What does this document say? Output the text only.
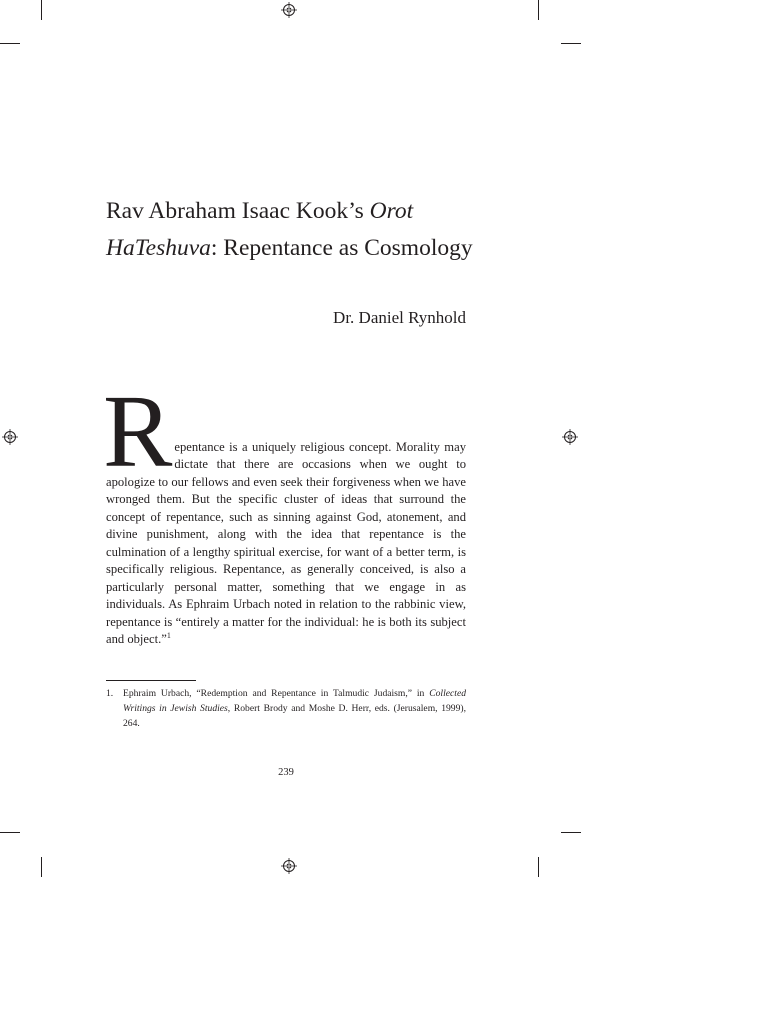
Rav Abraham Isaac Kook’s Orot HaTeshuva: Repentance as Cosmology

Dr. Daniel Rynhold

Repentance is a uniquely religious concept. Morality may dictate that there are occasions when we ought to apologize to our fellows and even seek their forgiveness when we have wronged them. But the specific cluster of ideas that surround the concept of repentance, such as sinning against God, atonement, and divine punishment, along with the idea that repentance is the culmination of a lengthy spiritual exercise, for want of a better term, is specifically religious. Repentance, as generally conceived, is also a particularly personal matter, something that we engage in as individuals. As Ephraim Urbach noted in relation to the rabbinic view, repentance is “entirely a matter for the individual: he is both its subject and object.”$^1$
1.	Ephraim Urbach, “Redemption and Repentance in Talmudic Judaism,” in Collected Writings in Jewish Studies, Robert Brody and Moshe D. Herr, eds. (Jerusalem, 1999), 264.
239
